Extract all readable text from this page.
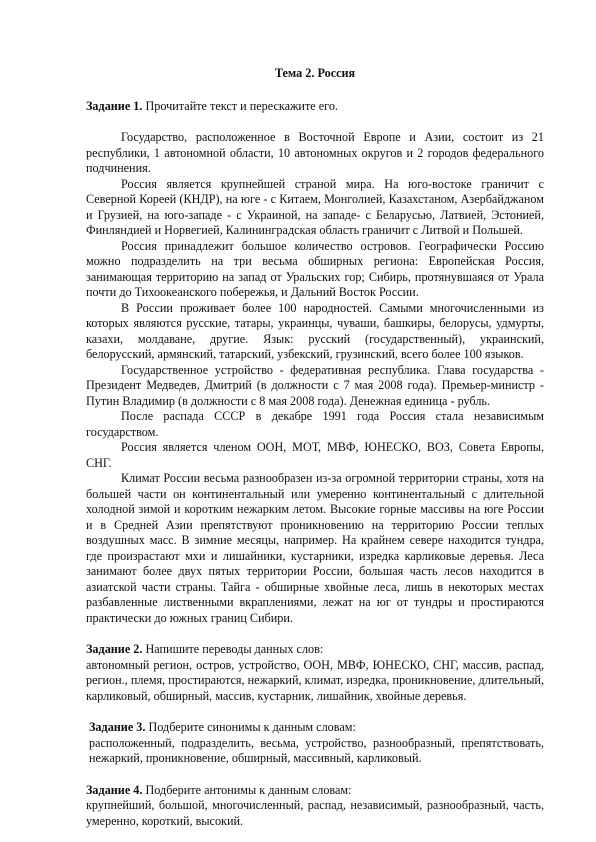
Тема 2. Россия

Задание 1. Прочитайте текст и перескажите его.

Государство, расположенное в Восточной Европе и Азии, состоит из 21 республики, 1 автономной области, 10 автономных округов и 2 городов федерального подчинения.

Россия является крупнейшей страной мира. На юго-востоке граничит с Северной Кореей (КНДР), на юге - с Китаем, Монголией, Казахстаном, Азербайджаном и Грузией, на юго-западе - с Украиной, на западе- с Беларусью, Латвией, Эстонией, Финляндией и Норвегией, Калининградская область граничит с Литвой и Польшей.

Россия принадлежит большое количество островов. Географически Россию можно подразделить на три весьма обширных региона: Европейская Россия, занимающая территорию на запад от Уральских гор; Сибирь, протянувшаяся от Урала почти до Тихоокеанского побережья, и Дальний Восток России.

В России проживает более 100 народностей. Самыми многочисленными из которых являются русские, татары, украинцы, чуваши, башкиры, белорусы, удмурты, казахи, молдаване, другие. Язык: русский (государственный), украинский, белорусский, армянский, татарский, узбекский, грузинский, всего более 100 языков.

Государственное устройство - федеративная республика. Глава государства - Президент Медведев, Дмитрий (в должности с 7 мая 2008 года). Премьер-министр - Путин Владимир (в должности с 8 мая 2008 года). Денежная единица - рубль.

После распада СССР в декабре 1991 года Россия стала независимым государством.

Россия является членом ООН, МОТ, МВФ, ЮНЕСКО, ВОЗ, Совета Европы, СНГ.

Климат России весьма разнообразен из-за огромной территории страны, хотя на большей части он континентальный или умеренно континентальный с длительной холодной зимой и коротким нежарким летом. Высокие горные массивы на юге России и в Средней Азии препятствуют проникновению на территорию России теплых воздушных масс. В зимние месяцы, например. На крайнем севере находится тундра, где произрастают мхи и лишайники, кустарники, изредка карликовые деревья. Леса занимают более двух пятых территории России, большая часть лесов находится в азиатской части страны. Тайга - обширные хвойные леса, лишь в некоторых местах разбавленные лиственными вкраплениями, лежат на юг от тундры и простираются практически до южных границ Сибири.

Задание 2. Напишите переводы данных слов:

автономный регион, остров, устройство, ООН, МВФ, ЮНЕСКО, СНГ, массив, распад, регион., племя, простираются, нежаркий, климат, изредка, проникновение, длительный, карликовый, обширный, массив, кустарник, лишайник, хвойные деревья.

Задание 3. Подберите синонимы к данным словам:

расположенный, подразделить, весьма, устройство, разнообразный, препятствовать, нежаркий, проникновение, обширный, массивный, карликовый.

Задание 4. Подберите антонимы к данным словам:

крупнейший, большой, многочисленный, распад, независимый, разнообразный, часть, умеренно, короткий, высокий.
